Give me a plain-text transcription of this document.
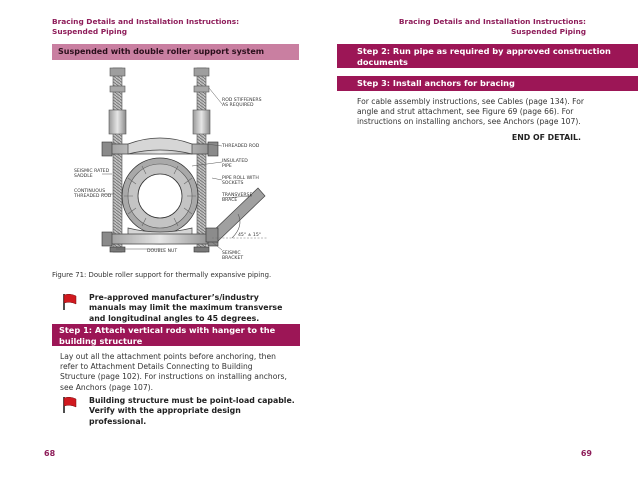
Bracing Details and Installation Instructions:
Suspended Piping
Suspended with double roller support system
ROD STIFFENERS
AS REQUIRED
THREADED ROD
INSULATED
PIPE
PIPE ROLL WITH
SOCKETS
TRANSVERSE
BRACE
SEISMIC RATED
SADDLE
CONTINUOUS
THREADED ROD
45° ± 15°
DOUBLE NUT	SEISMIC
BRACKET
Figure 71: Double roller support for thermally expansive piping.
Pre-approved manufacturer’s/industry
manuals may limit the maximum transverse
and longitudinal angles to 45 degrees.
Step 1: Attach vertical rods with hanger to the
building structure
Lay out all the attachment points before anchoring, then
refer to Attachment Details Connecting to Building
Structure (page 102). For instructions on installing anchors,
see Anchors (page 107).
Building structure must be point-load capable.
Verify with the appropriate design
professional.
68
Bracing Details and Installation Instructions:
Suspended Piping
Step 2: Run pipe as required by approved construction
documents
Step 3: Install anchors for bracing
For cable assembly instructions, see Cables (page 134). For
angle and strut attachment, see Figure 69 (page 66). For
instructions on installing anchors, see Anchors (page 107).
END OF DETAIL.
69
